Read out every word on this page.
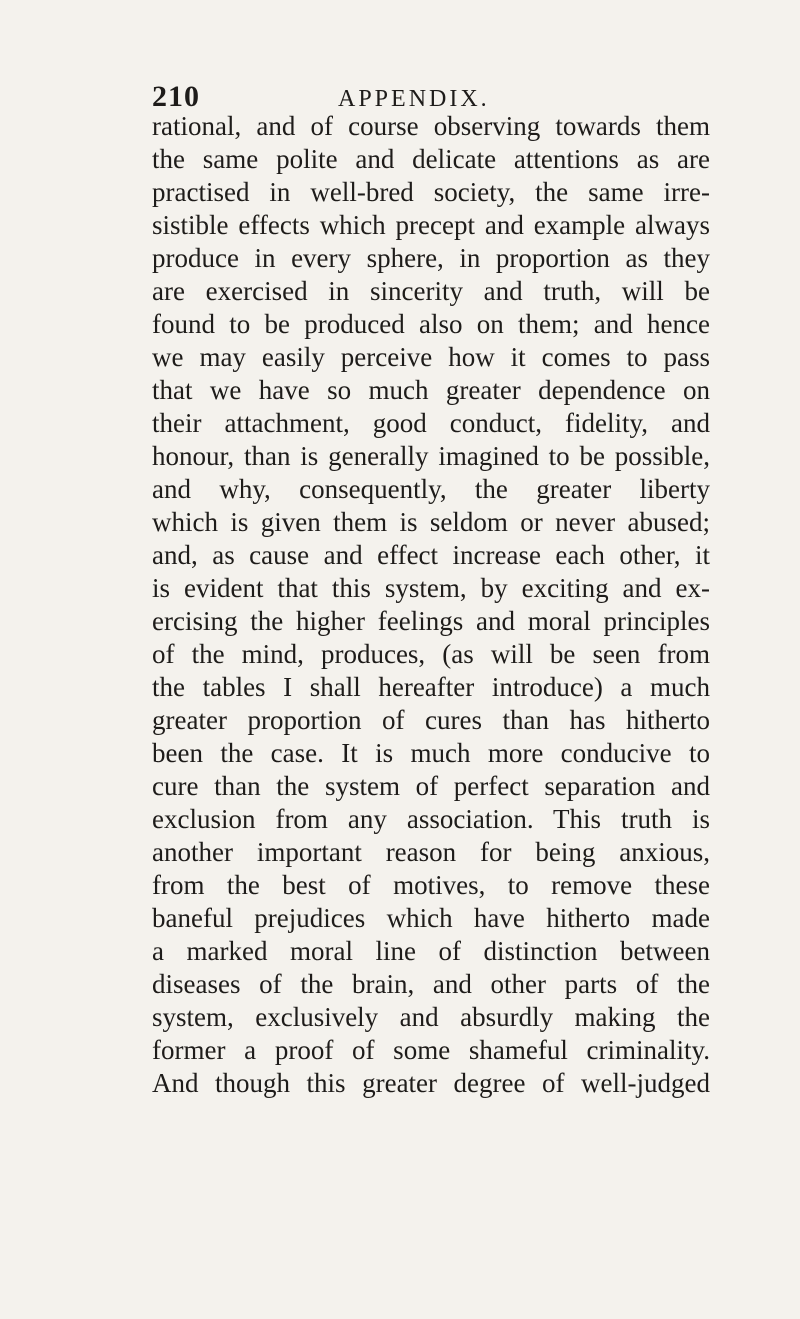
210	APPENDIX.
rational, and of course observing towards them
the same polite and delicate attentions as are
practised in well-bred society, the same irre-
sistible effects which precept and example always
produce in every sphere, in proportion as they
are exercised in sincerity and truth, will be
found to be produced also on them; and hence
we may easily perceive how it comes to pass
that we have so much greater dependence on
their attachment, good conduct, fidelity, and
honour, than is generally imagined to be possible,
and why, consequently, the greater liberty
which is given them is seldom or never abused;
and, as cause and effect increase each other, it
is evident that this system, by exciting and ex-
ercising the higher feelings and moral principles
of the mind, produces, (as will be seen from
the tables I shall hereafter introduce) a much
greater proportion of cures than has hitherto
been the case. It is much more conducive to
cure than the system of perfect separation and
exclusion from any association. This truth is
another important reason for being anxious,
from the best of motives, to remove these
baneful prejudices which have hitherto made
a marked moral line of distinction between
diseases of the brain, and other parts of the
system, exclusively and absurdly making the
former a proof of some shameful criminality.
And though this greater degree of well-judged
